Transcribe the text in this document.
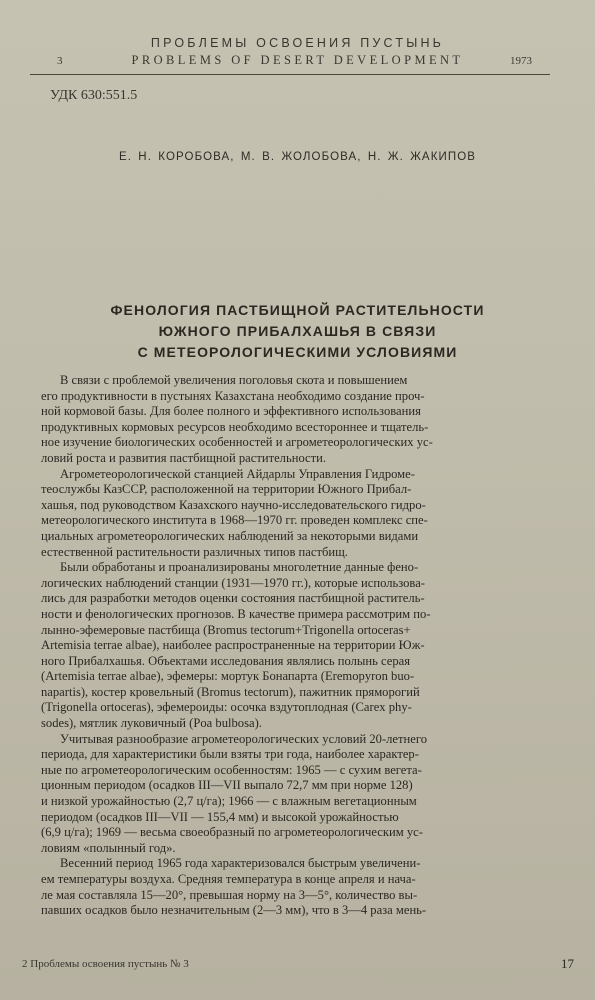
ПРОБЛЕМЫ ОСВОЕНИЯ ПУСТЫНЬ
3	PROBLEMS OF DESERT DEVELOPMENT	1973
УДК 630:551.5
Е. Н. КОРОБОВА, М. В. ЖОЛОБОВА, Н. Ж. ЖАКИПОВ
ФЕНОЛОГИЯ ПАСТБИЩНОЙ РАСТИТЕЛЬНОСТИ
ЮЖНОГО ПРИБАЛХАШЬЯ В СВЯЗИ
С МЕТЕОРОЛОГИЧЕСКИМИ УСЛОВИЯМИ
В связи с проблемой увеличения поголовья скота и повышением
его продуктивности в пустынях Казахстана необходимо создание проч-
ной кормовой базы. Для более полного и эффективного использования
продуктивных кормовых ресурсов необходимо всестороннее и тщатель-
ное изучение биологических особенностей и агрометеорологических ус-
ловий роста и развития пастбищной растительности.
Агрометеорологической станцией Айдарлы Управления Гидроме-
теослужбы КазССР, расположенной на территории Южного Прибал-
хашья, под руководством Казахского научно-исследовательского гидро-
метеорологического института в 1968—1970 гг. проведен комплекс спе-
циальных агрометеорологических наблюдений за некоторыми видами
естественной растительности различных типов пастбищ.
Были обработаны и проанализированы многолетние данные фено-
логических наблюдений станции (1931—1970 гг.), которые использова-
лись для разработки методов оценки состояния пастбищной раститель-
ности и фенологических прогнозов. В качестве примера рассмотрим по-
лынно-эфемеровые пастбища (Bromus tectorum+Trigonella ortoceras+
Artemisia terrae albae), наиболее распространенные на территории Юж-
ного Прибалхашья. Объектами исследования являлись полынь серая
(Artemisia terrae albae), эфемеры: мортук Бонапарта (Eremopyron buo-
napartis), костер кровельный (Bromus tectorum), пажитник пряморогий
(Trigonella ortoceras), эфемероиды: осочка вздутоплодная (Carex phy-
sodes), мятлик луковичный (Poa bulbosa).
Учитывая разнообразие агрометеорологических условий 20-летнего
периода, для характеристики были взяты три года, наиболее характер-
ные по агрометеорологическим особенностям: 1965 — с сухим вегета-
ционным периодом (осадков III—VII выпало 72,7 мм при норме 128)
и низкой урожайностью (2,7 ц/га); 1966 — с влажным вегетационным
периодом (осадков III—VII — 155,4 мм) и высокой урожайностью
(6,9 ц/га); 1969 — весьма своеобразный по агрометеорологическим ус-
ловиям «полынный год».
Весенний период 1965 года характеризовался быстрым увеличени-
ем температуры воздуха. Средняя температура в конце апреля и нача-
ле мая составляла 15—20°, превышая норму на 3—5°, количество вы-
павших осадков было незначительным (2—3 мм), что в 3—4 раза мень-
2 Проблемы освоения пустынь № 3	17
